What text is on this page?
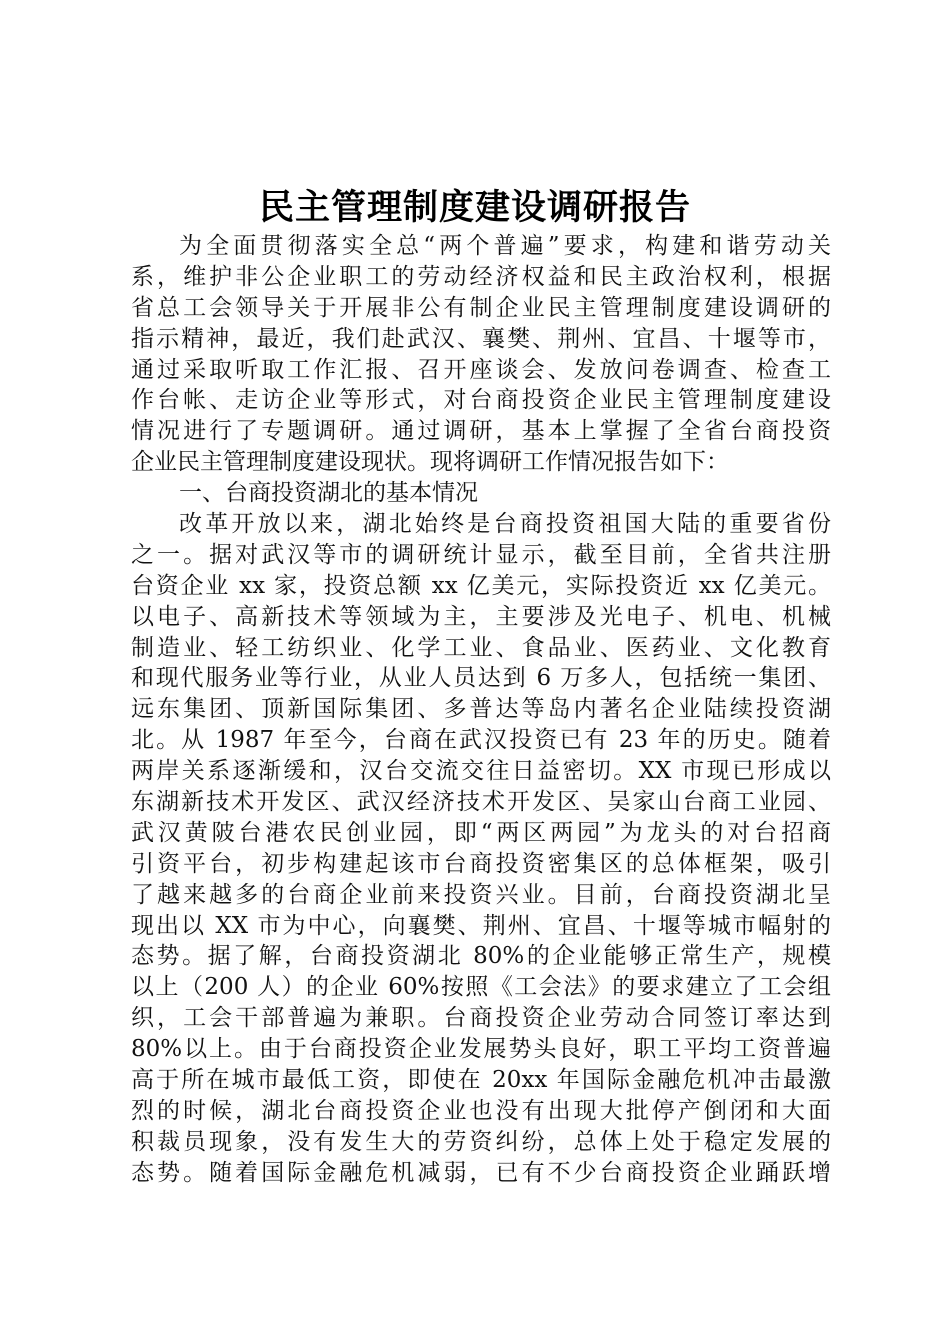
民主管理制度建设调研报告
为全面贯彻落实全总“两个普遍”要求，构建和谐劳动关
系，维护非公企业职工的劳动经济权益和民主政治权利，根据
省总工会领导关于开展非公有制企业民主管理制度建设调研的
指示精神，最近，我们赴武汉、襄樊、荆州、宜昌、十堰等市，
通过采取听取工作汇报、召开座谈会、发放问卷调查、检查工
作台帐、走访企业等形式，对台商投资企业民主管理制度建设
情况进行了专题调研。通过调研，基本上掌握了全省台商投资
企业民主管理制度建设现状。现将调研工作情况报告如下：
一、台商投资湖北的基本情况
改革开放以来，湖北始终是台商投资祖国大陆的重要省份
之一。据对武汉等市的调研统计显示，截至目前，全省共注册
台资企业 xx 家，投资总额 xx 亿美元，实际投资近 xx 亿美元。
以电子、高新技术等领域为主，主要涉及光电子、机电、机械
制造业、轻工纺织业、化学工业、食品业、医药业、文化教育
和现代服务业等行业，从业人员达到 6 万多人，包括统一集团、
远东集团、顶新国际集团、多普达等岛内著名企业陆续投资湖
北。从 1987 年至今，台商在武汉投资已有 23 年的历史。随着
两岸关系逐渐缓和，汉台交流交往日益密切。XX 市现已形成以
东湖新技术开发区、武汉经济技术开发区、吴家山台商工业园、
武汉黄陂台港农民创业园，即“两区两园”为龙头的对台招商
引资平台，初步构建起该市台商投资密集区的总体框架，吸引
了越来越多的台商企业前来投资兴业。目前，台商投资湖北呈
现出以 XX 市为中心，向襄樊、荆州、宜昌、十堰等城市幅射的
态势。据了解，台商投资湖北 80%的企业能够正常生产，规模
以上（200 人）的企业 60%按照《工会法》的要求建立了工会组
织，工会干部普遍为兼职。台商投资企业劳动合同签订率达到
80%以上。由于台商投资企业发展势头良好，职工平均工资普遍
高于所在城市最低工资，即使在 20xx 年国际金融危机冲击最激
烈的时候，湖北台商投资企业也没有出现大批停产倒闭和大面
积裁员现象，没有发生大的劳资纠纷，总体上处于稳定发展的
态势。随着国际金融危机减弱，已有不少台商投资企业踊跃增
